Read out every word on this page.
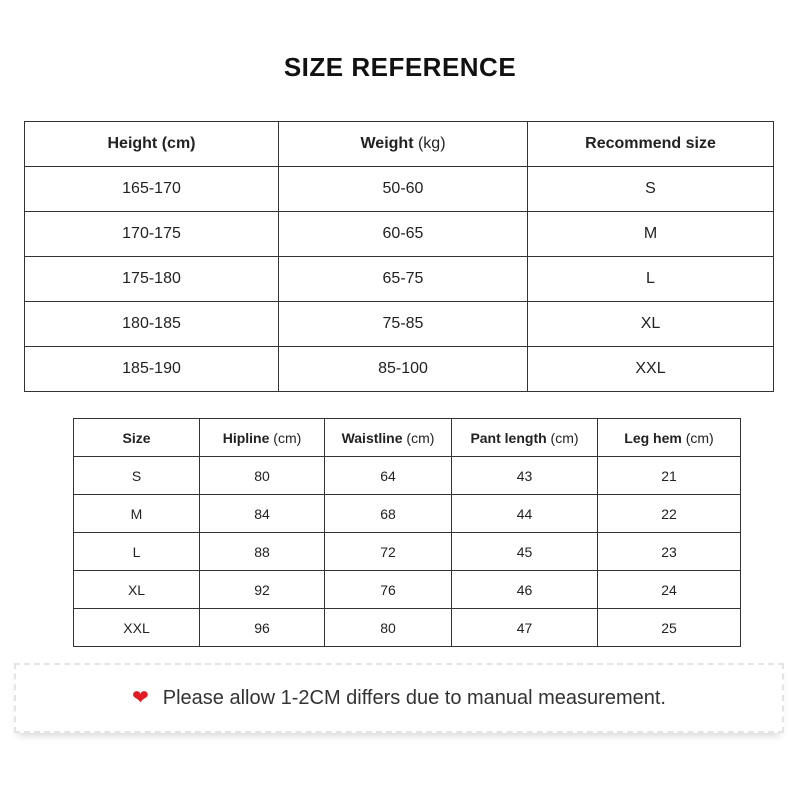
SIZE REFERENCE
Height (cm)	Weight (kg)	Recommend size
165-170	50-60	S
170-175	60-65	M
175-180	65-75	L
180-185	75-85	XL
185-190	85-100	XXL
Size	Hipline (cm)	Waistline (cm)	Pant length (cm)	Leg hem (cm)
S	80	64	43	21
M	84	68	44	22
L	88	72	45	23
XL	92	76	46	24
XXL	96	80	47	25
❤ Please allow 1-2CM differs due to manual measurement.
